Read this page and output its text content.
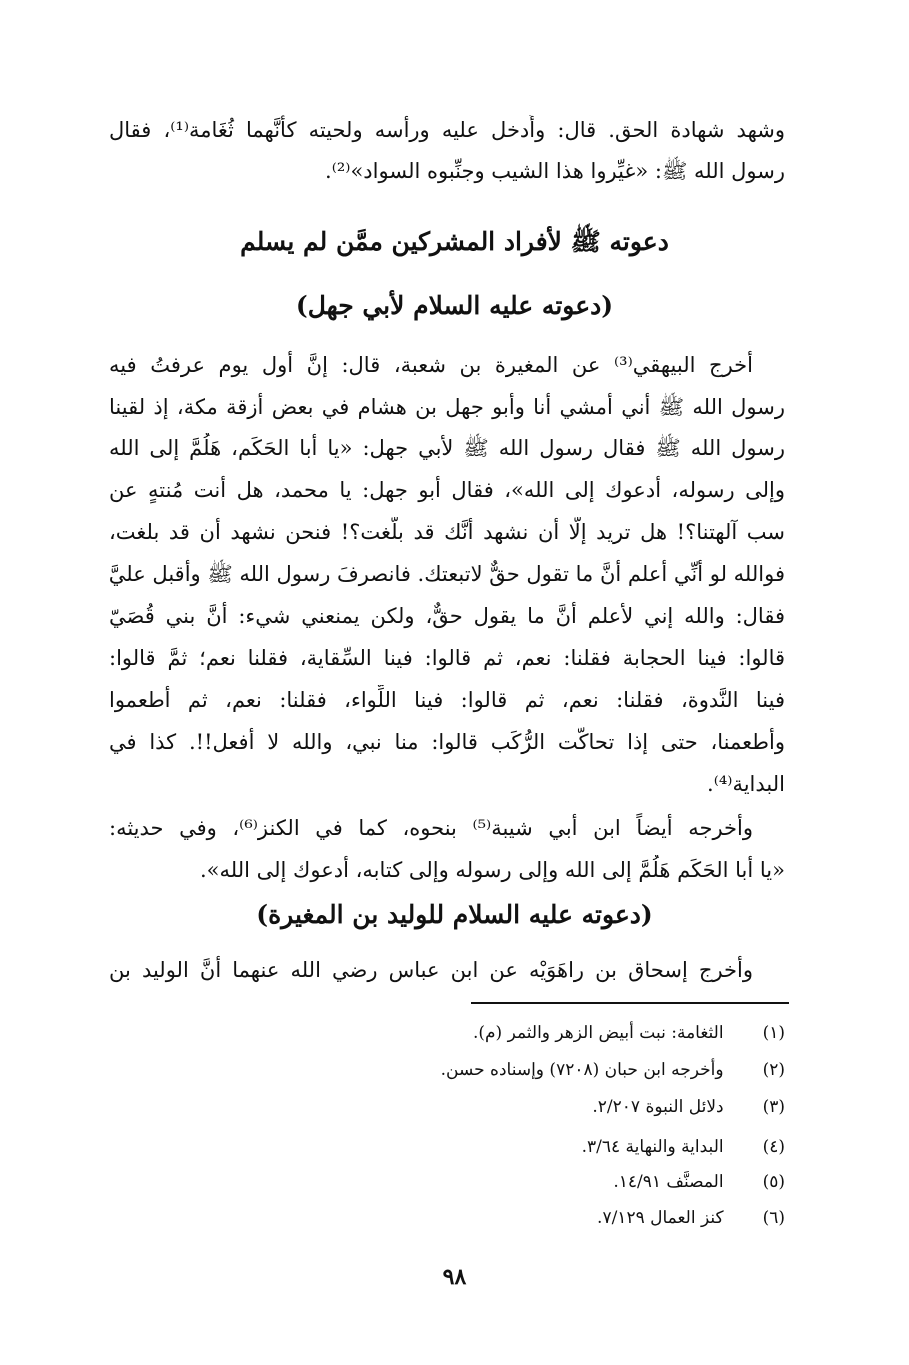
وشهد شهادة الحق. قال: وأُدخل عليه ورأسه ولحيته كأنَّهما ثُغَامة⁽¹⁾، فقال
رسول الله ﷺ: «غيِّروا هذا الشيب وجنِّبوه السواد»⁽²⁾.
دعوته ﷺ لأفراد المشركين ممَّن لم يسلم
(دعوته عليه السلام لأبي جهل)
أخرج البيهقي⁽³⁾ عن المغيرة بن شعبة، قال: إنَّ أول يوم عرفتُ فيه
رسول الله ﷺ أني أمشي أنا وأبو جهل بن هشام في بعض أزقة مكة، إذ لقينا
رسول الله ﷺ فقال رسول الله ﷺ لأبي جهل: «يا أبا الحَكَم، هَلُمَّ إلى الله
وإلى رسوله، أدعوك إلى الله»، فقال أبو جهل: يا محمد، هل أنت مُنتهٍ عن
سب آلهتنا؟! هل تريد إلَّا أن نشهد أنَّك قد بلَّغت؟! فنحن نشهد أن قد بلغت،
فوالله لو أنِّي أعلم أنَّ ما تقول حقٌّ لاتبعتك. فانصرفَ رسول الله ﷺ وأقبل عليَّ
فقال: والله إني لأعلم أنَّ ما يقول حقٌّ، ولكن يمنعني شيء: أنَّ بني قُصَيّ
قالوا: فينا الحجابة فقلنا: نعم، ثم قالوا: فينا السِّقاية، فقلنا نعم؛ ثمَّ قالوا:
فينا النَّدوة، فقلنا: نعم، ثم قالوا: فينا اللِّواء، فقلنا: نعم، ثم أطعموا
وأطعمنا، حتى إذا تحاكَّت الرُّكَب قالوا: منا نبي، والله لا أفعل!!. كذا في
البداية⁽⁴⁾.
وأخرجه أيضاً ابن أبي شيبة⁽⁵⁾ بنحوه، كما في الكنز⁽⁶⁾، وفي حديثه:
«يا أبا الحَكَم هَلُمَّ إلى الله وإلى رسوله وإلى كتابه، أدعوك إلى الله».
(دعوته عليه السلام للوليد بن المغيرة)
وأخرج إسحاق بن راهَوَيْه عن ابن عباس رضي الله عنهما أنَّ الوليد بن
(١) الثغامة: نبت أبيض الزهر والثمر (م).
(٢) وأخرجه ابن حبان (٧٢٠٨) وإسناده حسن.
(٣) دلائل النبوة ٢/٢٠٧.
(٤) البداية والنهاية ٣/٦٤.
(٥) المصنَّف ١٤/٩١.
(٦) كنز العمال ٧/١٢٩.
٩٨
